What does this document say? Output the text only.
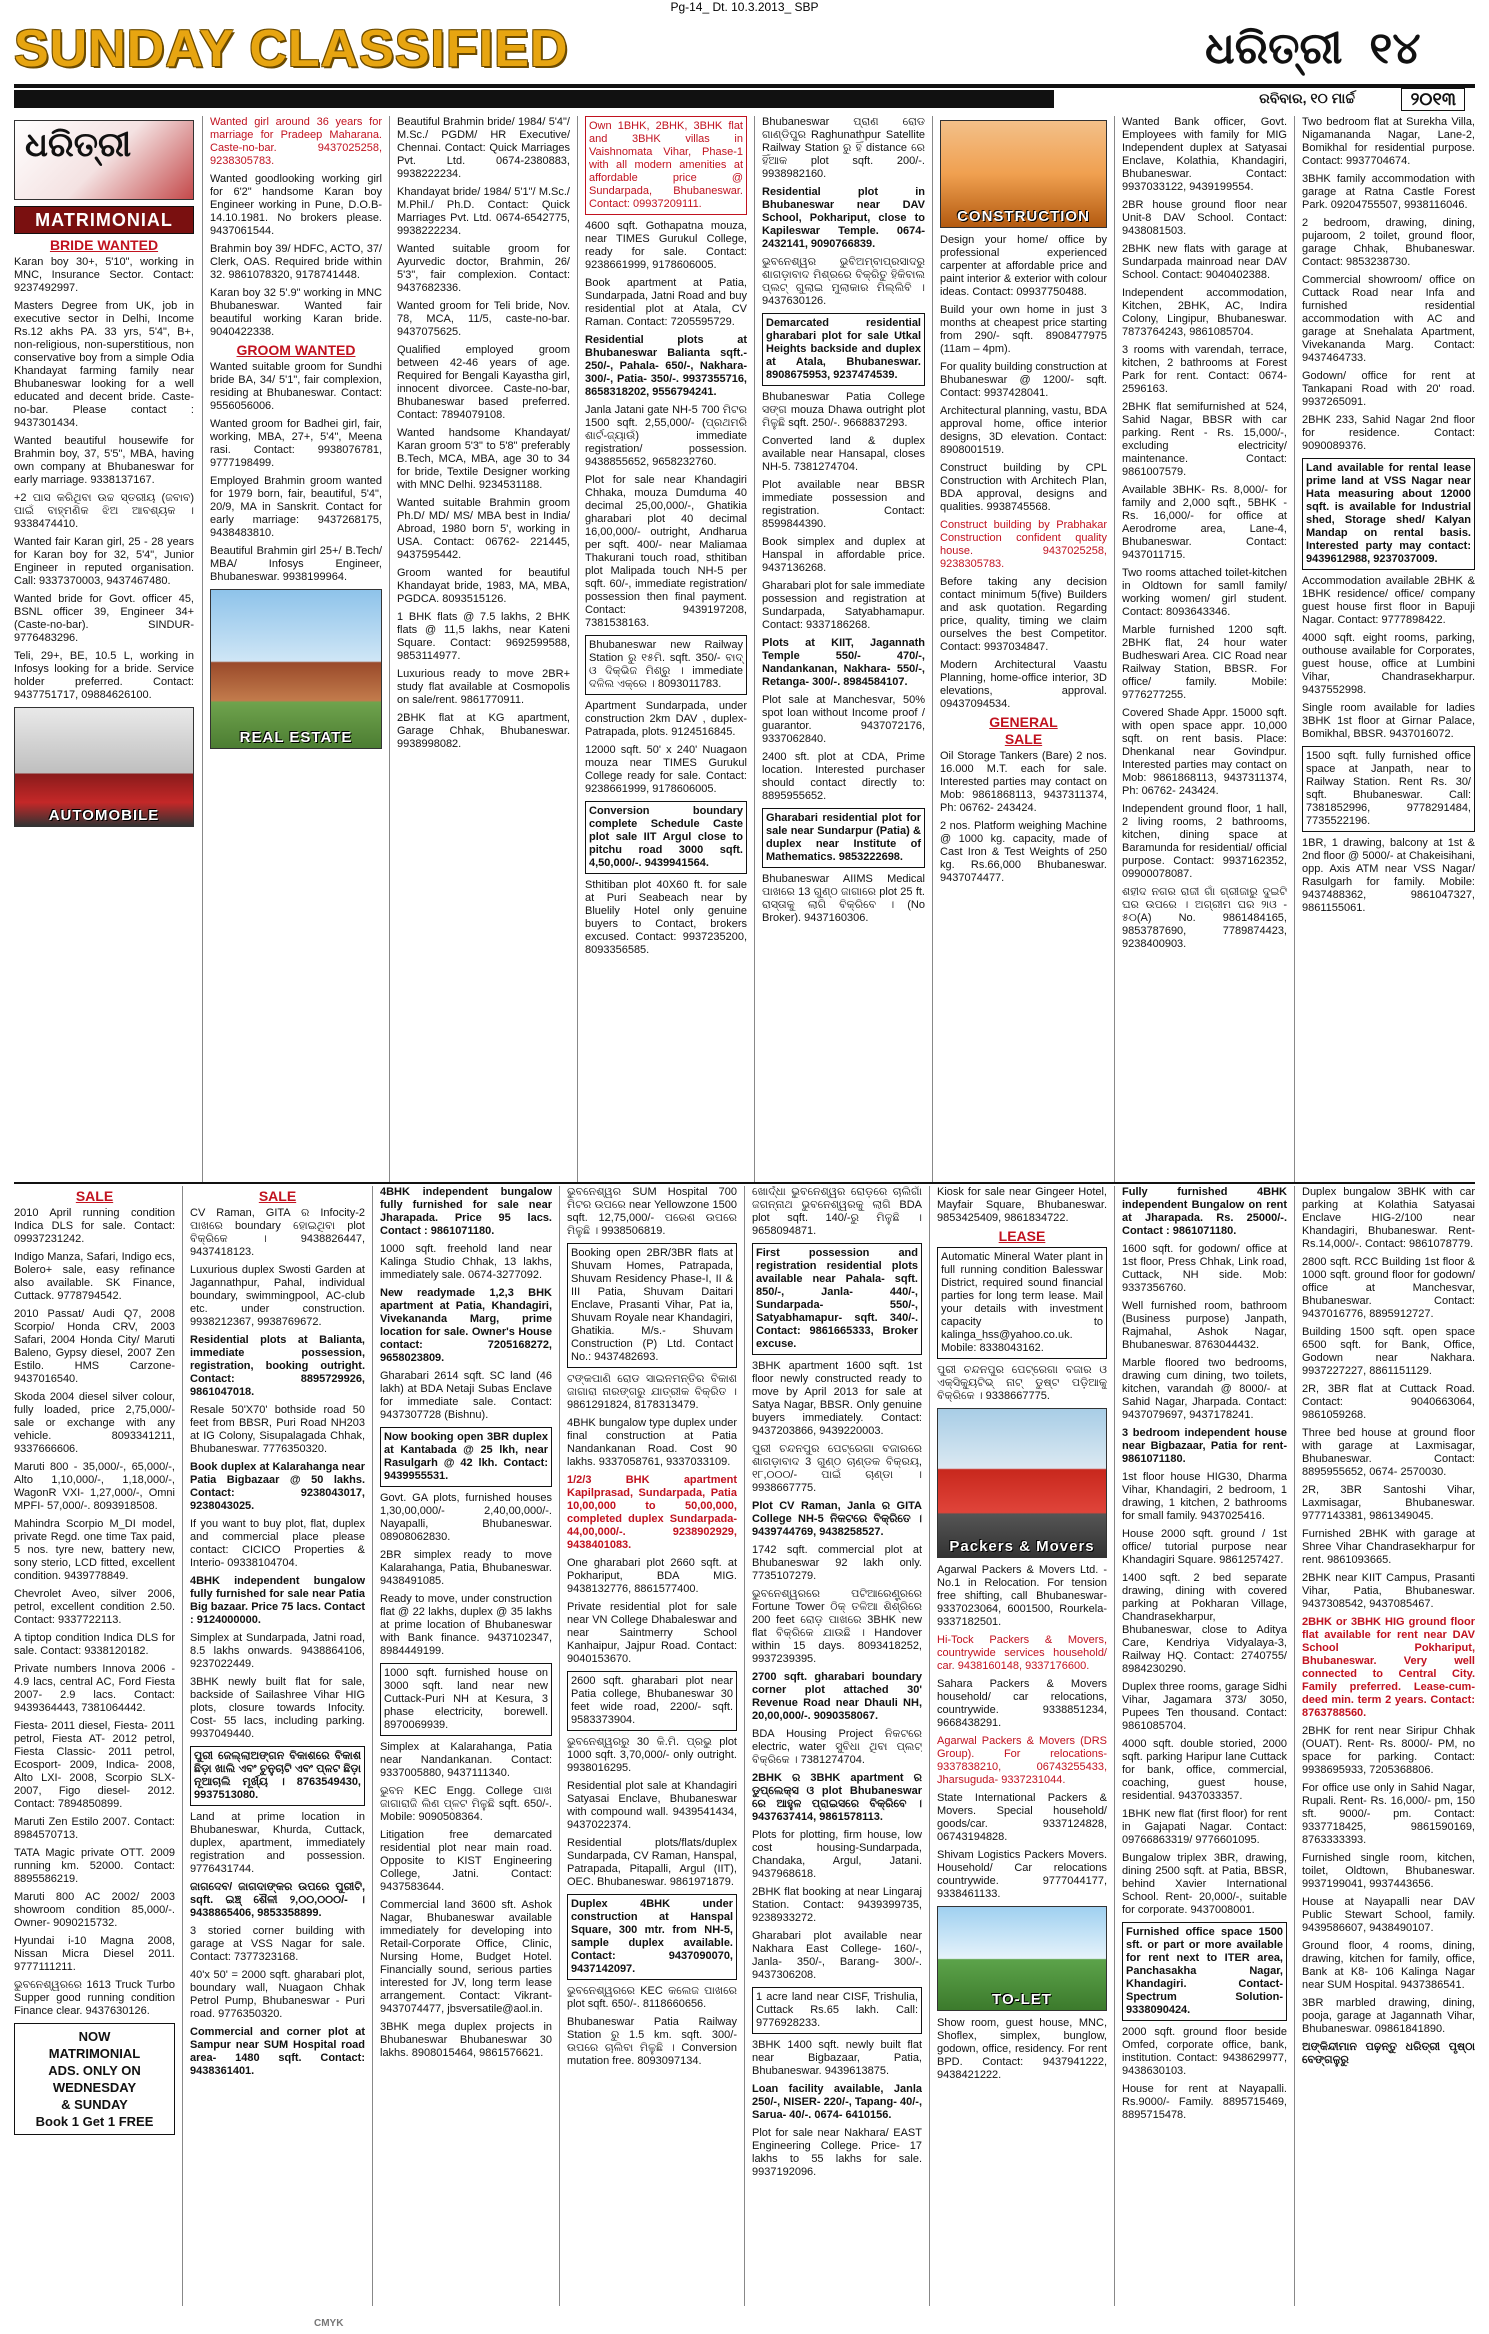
Pg-14_ Dt. 10.3.2013_ SBP
SUNDAY CLASSIFIED	ଧରିତ୍ରୀ ୧୪
ରବିବାର, ୧୦ ମାର୍ଚ୍ଚ	୨୦୧୩
ଧରିତ୍ରୀ
MATRIMONIAL
BRIDE WANTED

Karan boy 30+, 5'10", working in MNC, Insurance Sector. Contact: 9237492997.

Masters Degree from UK, job in executive sector in Delhi, Income Rs.12 akhs PA. 33 yrs, 5'4", B+, non-religious, non-superstitious, non conservative boy from a simple Odia Khandayat farming family near Bhubaneswar looking for a well educated and decent bride. Caste-no-bar. Please contact : 9437301434.

Wanted beautiful housewife for Brahmin boy, 37, 5'5", MBA, having own company at Bhubaneswar for early marriage. 9338137167.

+2 ପାସ କରିଥିବା ଉଚ୍ଚ ସ୍ତରୀୟ (ଜବାବ) ପାଇଁ ବାହ୍ମଣିକ ଝିଅ ଆବଶ୍ୟକ । 9338474410.

Wanted fair Karan girl, 25 - 28 years for Karan boy for 32, 5'4", Junior Engineer in reputed organisation. Call: 9337370003, 9437467480.

Wanted bride for Govt. officer 45, BSNL officer 39, Engineer 34+ (Caste-no-bar). SINDUR- 9776483296.

Teli, 29+, BE, 10.5 L, working in Infosys looking for a bride. Service holder preferred. Contact: 9437751717, 09884626100.

AUTOMOBILE

Wanted girl around 36 years for marriage for Pradeep Maharana. Caste-no-bar. 9437025258, 9238305783.

Wanted goodlooking working girl for 6'2" handsome Karan boy Engineer working in Pune, D.O.B- 14.10.1981. No brokers please. 9437061544.

Brahmin boy 39/ HDFC, ACTO, 37/ Clerk, OAS. Required bride within 32. 9861078320, 9178741448.

Karan boy 32 5'.9" working in MNC Bhubaneswar. Wanted fair beautiful working Karan bride. 9040422338.

GROOM WANTED

Wanted suitable groom for Sundhi bride BA, 34/ 5'1", fair complexion, residing at Bhubaneswar. Contact: 9556056006.

Wanted groom for Badhei girl, fair, working, MBA, 27+, 5'4", Meena rasi. Contact: 9938076781, 9777198499.

Employed Brahmin groom wanted for 1979 born, fair, beautiful, 5'4", 20/9, MA in Sanskrit. Contact for early marriage: 9437268175, 9438483810.

Beautiful Brahmin girl 25+/ B.Tech/ MBA/ Infosys Engineer, Bhubaneswar. 9938199964.

REAL ESTATE

Beautiful Brahmin bride/ 1984/ 5'4"/ M.Sc./ PGDM/ HR Executive/ Chennai. Contact: Quick Marriages Pvt. Ltd. 0674-2380883, 9938222234.

Khandayat bride/ 1984/ 5'1"/ M.Sc./ M.Phil./ Ph.D. Contact: Quick Marriages Pvt. Ltd. 0674-6542775, 9938222234.

Wanted suitable groom for Ayurvedic doctor, Brahmin, 26/ 5'3", fair complexion. Contact: 9437682336.

Wanted groom for Teli bride, Nov. 78, MCA, 11/5, caste-no-bar. 9437075625.

Qualified employed groom between 42-46 years of age. Required for Bengali Kayastha girl, innocent divorcee. Caste-no-bar, Bhubaneswar based preferred. Contact: 7894079108.

Wanted handsome Khandayat/ Karan groom 5'3" to 5'8" preferably B.Tech, MCA, MBA, age 30 to 34 for bride, Textile Designer working with MNC Delhi. 9234531188.

Wanted suitable Brahmin groom Ph.D/ MD/ MS/ MBA best in India/ Abroad, 1980 born 5', working in USA. Contact: 06762- 221445, 9437595442.

Groom wanted for beautiful Khandayat bride, 1983, MA, MBA, PGDCA. 8093515126.

1 BHK flats @ 7.5 lakhs, 2 BHK flats @ 11,5 lakhs, near Kateni Square. Contact: 9692599588, 9853114977.

Luxurious ready to move 2BR+ study flat available at Cosmopolis on sale/rent. 9861770911.

2BHK flat at KG apartment, Garage Chhak, Bhubaneswar. 9938998082.

Own 1BHK, 2BHK, 3BHK flat and 3BHK villas in Vaishnomata Vihar, Phase-1 with all modern amenities at affordable price @ Sundarpada, Bhubaneswar. Contact: 09937209111.

4600 sqft. Gothapatna mouza, near TIMES Gurukul College, ready for sale. Contact: 9238661999, 9178606005.

Book apartment at Patia, Sundarpada, Jatni Road and buy residential plot at Atala, CV Raman. Contact: 7205595729.

Residential plots at Bhubaneswar Balianta sqft.- 250/-, Pahala- 650/-, Nakhara- 300/-, Patia- 350/-. 9937355716, 8658318202, 9556794241.

Janla Jatani gate NH-5 700 ମିଟର 1500 sqft. 2,55,000/- (ପ୍ରଥମରି ଶାର୍ଟ-ଜ୍ୟାଉଁ) immediate registration/ possession. 9438855652, 9658232760.

Plot for sale near Khandagiri Chhaka, mouza Dumduma 40 decimal 25,00,000/-, Ghatikia gharabari plot 40 decimal 16,00,000/- outright, Andharua per sqft. 400/- near Maliamaa Thakurani touch road, sthitiban plot Malipada touch NH-5 per sqft. 60/-, immediate registration/ possession then final payment. Contact: 9439197208, 7381538163.

Bhubaneswar new Railway Station ରୁ ୧୫ମି. sqft. 350/- ବାଦ୍ ଓ ଦିକ୍ଭିଜ ମିଶ୍ରୁ । immediate ଦଳିଲ ଏକ୍ରେ । 8093011783.

Apartment Sundarpada, under construction 2km DAV , duplex-Patrapada, plots. 9124516845.

12000 sqft. 50' x 240' Nuagaon mouza near TIMES Gurukul College ready for sale. Contact: 9238661999, 9178606005.

Conversion boundary complete Schedule Caste plot sale IIT Argul close to pitchu road 3000 sqft. 4,50,000/-. 9439941564.

Sthitiban plot 40X60 ft. for sale at Puri Seabeach near by Bluelily Hotel only genuine buyers to Contact, brokers excused. Contact: 9937235200, 8093356585.

Bhubaneswar ପ୍ରାଣ ରୋଡ ଗାଣ୍ଡିପୁର Raghunathpur Satellite Railway Station ରୁ ହିଁ distance ରେ ହିଁଆକ plot sqft. 200/-. 9938982160.

Residential plot in Bhubaneswar near DAV School, Pokhariput, close to Kapileswar Temple. 0674-2432141, 9090766839.

ଭୁବନେଶ୍ୱର ଭୁବିଅମ୍ବାପ୍ରସାଦରୁ ଶାଗଡ଼ାବାଦ ମିଶ୍ରରେ ବିକ୍ରିତୁ ହିକିବାଲ ପ୍ଲଟ୍ ଗୁଲାଇ ମୁଲାକାର ମିଲ୍ଲିବି । 9437630126.

Demarcated residential gharabari plot for sale Utkal Heights backside and duplex at Atala, Bhubaneswar. 8908675953, 9237474539.

Bhubaneswar Patia College ସଙ୍ଗ mouza Dhawa outright plot ମିଳୁଛି sqft. 250/-. 9668837293.

Converted land & duplex available near Hansapal, closes NH-5. 7381274704.

Plot available near BBSR immediate possession and registration. Contact: 8599844390.

Book simplex and duplex at Hanspal in affordable price. 9437136268.

Gharabari plot for sale immediate possession and registration at Sundarpada, Satyabhamapur. Contact: 9337186268.

Plots at KIIT, Jagannath Temple 550/- 470/-, Nandankanan, Nakhara- 550/-, Retanga- 300/-. 8984584107.

Plot sale at Manchesvar, 50% spot loan without Income proof / guarantor. 9437072176, 9337062840.

2400 sft. plot at CDA, Prime location. Interested purchaser should contact directly to: 8895955652.

Gharabari residential plot for sale near Sundarpur (Patia) & duplex near Institute of Mathematics. 9853222698.

Bhubaneswar AIIMS Medical ପାଖରେ 13 ଗୁଣ୍ଠ ଜାଗାରେ plot 25 ft. ରାସ୍ତାକୁ ଲାଗି ବିକ୍ରିବେ । (No Broker). 9437160306.

CONSTRUCTION

Design your home/ office by professional experienced carpenter at affordable price and paint interior & exterior with colour ideas. Contact: 09937750488.

Build your own home in just 3 months at cheapest price starting from 290/- sqft. 8908477975 (11am – 4pm).

For quality building construction at Bhubaneswar @ 1200/- sqft. Contact: 9937428041.

Architectural planning, vastu, BDA approval home, office interior designs, 3D elevation. Contact: 8908001519.

Construct building by CPL Construction with Architech Plan, BDA approval, designs and qualities. 9938745568.

Construct building by Prabhakar Construction confident quality house. 9437025258, 9238305783.

Before taking any decision contact minimum 5(five) Builders and ask quotation. Regarding price, quality, timing we claim ourselves the best Competitor. Contact: 9937034847.

Modern Architectural Vaastu Planning, home-office interior, 3D elevations, approval. 09437094534.

GENERAL
SALE

Oil Storage Tankers (Bare) 2 nos. 16.000 M.T. each for sale. Interested parties may contact on Mob: 9861868113, 9437311374, Ph: 06762- 243424.

2 nos. Platform weighing Machine @ 1000 kg. capacity, made of Cast Iron & Test Weights of 250 kg. Rs.66,000 Bhubaneswar. 9437074477.

Wanted Bank officer, Govt. Employees with family for MIG Independent duplex at Satyasai Enclave, Kolathia, Khandagiri, Bhubaneswar. Contact: 9937033122, 9439199554.

2BR house ground floor near Unit-8 DAV School. Contact: 9438081503.

2BHK new flats with garage at Sundarpada mainroad near DAV School. Contact: 9040402388.

Independent accommodation, Kitchen, 2BHK, AC, Indira Colony, Lingipur, Bhubaneswar. 7873764243, 9861085704.

3 rooms with varendah, terrace, kitchen, 2 bathrooms at Forest Park for rent. Contact: 0674-2596163.

2BHK flat semifurnished at 524, Sahid Nagar, BBSR with car parking. Rent - Rs. 15,000/-, excluding electricity/ maintenance. Contact: 9861007579.

Available 3BHK- Rs. 8,000/- for family and 2,000 sqft., 5BHK - Rs. 16,000/- for office at Aerodrome area, Lane-4, Bhubaneswar. Contact: 9437011715.

Two rooms attached toilet-kitchen in Oldtown for samll family/ working women/ girl student. Contact: 8093643346.

Marble furnished 1200 sqft. 2BHK flat, 24 hour water Budheswari Area. CIC Road near Railway Station, BBSR. For office/ family. Mobile: 9776277255.

Covered Shade Appr. 15000 sqft. with open space appr. 10,000 sqft. on rent basis. Place: Dhenkanal near Govindpur. Interested parties may contact on Mob: 9861868113, 9437311374, Ph: 06762- 243424.

Independent ground floor, 1 hall, 2 living rooms, 2 bathrooms, kitchen, dining space at Baramunda for residential/ official purpose. Contact: 9937162352, 09900078087.

ଶହୀଦ ନଗର ରାଜୀ ଗାଁ ଗ୍ରୀଜାରୁ ଦୁଇଟି ଘର ଉପରେ । ଅଗ୍ରୀମ ଘର ୨ାଓ - ୫୦(A) No. 9861484165, 9853787690, 7789874423, 9238400903.

Two bedroom flat at Surekha Villa, Nigamananda Nagar, Lane-2, Bomikhal for residential purpose. Contact: 9937704674.

3BHK family accommodation with garage at Ratna Castle Forest Park. 09204755507, 9938116046.

2 bedroom, drawing, dining, pujaroom, 2 toilet, ground floor, garage Chhak, Bhubaneswar. Contact: 9853238730.

Commercial showroom/ office on Cuttack Road near Infa and furnished residential accommodation with AC and garage at Snehalata Apartment, Vivekananda Marg. Contact: 9437464733.

Godown/ office for rent at Tankapani Road with 20' road. 9937265091.

2BHK 233, Sahid Nagar 2nd floor for residence. Contact: 9090089376.

Land available for rental lease prime land at VSS Nagar near Hata measuring about 12000 sqft. is available for Industrial shed, Storage shed/ Kalyan Mandap on rental basis. Interested party may contact: 9439612988, 9237037009.

Accommodation available 2BHK & 1BHK residence/ office/ company guest house first floor in Bapuji Nagar. Contact: 9777898422.

4000 sqft. eight rooms, parking, outhouse available for Corporates, guest house, office at Lumbini Vihar, Chandrasekharpur. 9437552998.

Single room available for ladies 3BHK 1st floor at Girnar Palace, Bomikhal, BBSR. 9437016072.

1500 sqft. fully furnished office space at Janpath, near to Railway Station. Rent Rs. 30/ sqft. Bhubaneswar. Call: 7381852996, 9778291484, 7735522196.

1BR, 1 drawing, balcony at 1st & 2nd floor @ 5000/- at Chakeisihani, opp. Axis ATM near VSS Nagar/ Rasulgarh for family. Mobile: 9437488362, 9861047327, 9861155061.

SALE

2010 April running condition Indica DLS for sale. Contact: 09937231242.

Indigo Manza, Safari, Indigo ecs, Bolero+ sale, easy refinance also available. SK Finance, Cuttack. 9778794542.

2010 Passat/ Audi Q7, 2008 Scorpio/ Honda CRV, 2003 Safari, 2004 Honda City/ Maruti Baleno, Gypsy diesel, 2007 Zen Estilo. HMS Carzone- 9437016540.

Skoda 2004 diesel silver colour, fully loaded, price 2,75,000/- sale or exchange with any vehicle. 8093341211, 9337666606.

Maruti 800 - 35,000/-, 65,000/-, Alto 1,10,000/-, 1,18,000/-, WagonR VXI- 1,27,000/-, Omni MPFI- 57,000/-. 8093918508.

Mahindra Scorpio M_DI model, private Regd. one time Tax paid, 5 nos. tyre new, battery new, sony sterio, LCD fitted, excellent condition. 9439778849.

Chevrolet Aveo, silver 2006, petrol, excellent condition 2.50. Contact: 9337722113.

A tiptop condition Indica DLS for sale. Contact: 9338120182.

Private numbers Innova 2006 - 4.9 lacs, central AC, Ford Fiesta 2007- 2.9 lacs. Contact: 9439364443, 7381064442.

Fiesta- 2011 diesel, Fiesta- 2011 petrol, Fiesta AT- 2012 petrol, Fiesta Classic- 2011 petrol, Ecosport- 2009, Indica- 2008, Alto LXI- 2008, Scorpio SLX- 2007, Figo diesel- 2012. Contact: 7894850899.

Maruti Zen Estilo 2007. Contact: 8984570713.

TATA Magic private OTT. 2009 running km. 52000. Contact: 8895586219.

Maruti 800 AC 2002/ 2003 showroom condition 85,000/-. Owner- 9090215732.

Hyundai i-10 Magna 2008, Nissan Micra Diesel 2011. 9777111211.

ଭୁବନେଶ୍ୱରରେ 1613 Truck Turbo Supper good running condition Finance clear. 9437630126.

NOW
MATRIMONIAL
ADS. ONLY ON
WEDNESDAY
& SUNDAY
Book 1 Get 1 FREE
SALE

CV Raman, GITA ର Infocity-2 ପାଖରେ boundary ହୋଇଥିବା plot ବିକ୍ରିକେ । 9438826447, 9437418123.

Luxurious duplex Swosti Garden at Jagannathpur, Pahal, individual boundary, swimmingpool, AC-club etc. under construction. 9938212367, 9938769672.

Residential plots at Balianta, immediate possession, registration, booking outright. Contact: 8895729926, 9861047018.

Resale 50'X70' bothside road 50 feet from BBSR, Puri Road NH203 at IG Colony, Sisupalagada Chhak, Bhubaneswar. 7776350320.

Book duplex at Kalarahanga near Patia Bigbazaar @ 50 lakhs. Contact: 9238043017, 9238043025.

If you want to buy plot, flat, duplex and commercial place please contact: CICICO Properties & Interio- 09338104704.

4BHK independent bungalow fully furnished for sale near Patia Big bazaar. Price 75 lacs. Contact : 9124000000.

Simplex at Sundarpada, Jatni road, 8.5 lakhs onwards. 9438864106, 9237022449.

3BHK newly built flat for sale, backside of Sailashree Vihar HIG plots, closure towards Infocity. Cost- 55 lacs, including parking. 9937049440.

ପୁରୀ ଜେଲ୍ଲାଅଙ୍ଗନ ବିକାଶରେ ବିକାଶ ଛିଡ଼ା ଖାଲି ଏବଂ ଚୁନୁଚାଟି ଏବଂ ପ୍ଳଟ ଛିଡ଼ା ନୂଆଚାଲି ମୂର୍ଖ୍ୟ । 8763549430, 9937513080.

Land at prime location in Bhubaneswar, Khurda, Cuttack, duplex, apartment, immediately registration and possession. 9776431744.

ଜାଗଦେବ/ ଜାଗଦାଙ୍କର ଉପରେ ପୁରୀଟି, sqft. ଇଞ୍ଚ୍ ଶୈଳୀ ୨,୦୦,୦୦୦/- । 9438865406, 9853358899.

3 storied corner building with garage at VSS Nagar for sale. Contact: 7377323168.

40'x 50' = 2000 sqft. gharabari plot, boundary wall, Nuagaon Chhak Petrol Pump, Bhubaneswar - Puri road. 9776350320.

Commercial and corner plot at Sampur near SUM Hospital road area- 1480 sqft. Contact: 9438361401.

4BHK independent bungalow fully furnished for sale near Jharapada. Price 95 lacs. Contact : 9861071180.

1000 sqft. freehold land near Kalinga Studio Chhak, 13 lakhs, immediately sale. 0674-3277092.

New readymade 1,2,3 BHK apartment at Patia, Khandagiri, Vivekananda Marg, prime location for sale. Owner's House contact: 7205168272, 9658023809.

Gharabari 2614 sqft. SC land (46 lakh) at BDA Netaji Subas Enclave for immediate sale. Contact: 9437307728 (Bishnu).

Now booking open 3BR duplex at Kantabada @ 25 lkh, near Rasulgarh @ 42 lkh. Contact: 9439955531.

Govt. GA plots, furnished houses 1,30,00,000/- 2,40,00,000/-. Nayapalli, Bhubaneswar. 08908062830.

2BR simplex ready to move Kalarahanga, Patia, Bhubaneswar. 9438491085.

Ready to move, under construction flat @ 22 lakhs, duplex @ 35 lakhs at prime location of Bhubaneswar with Bank finance. 9437102347, 8984449199.

1000 sqft. furnished house on 3000 sqft. land near new Cuttack-Puri NH at Kesura, 3 phase electricity, borewell. 8970069939.

Simplex at Kalarahanga, Patia near Nandankanan. Contact: 9337005880, 9437111340.

ଭୁବନ KEC Engg. College ପାଖ ଜାଗାରାଜି ଲିଣ ପ୍ଳଟ ମିଳୁଛି sqft. 650/-. Mobile: 9090508364.

Litigation free demarcated residential plot near main road. Opposite to KIST Engineering College, Jatni. Contact: 9437583644.

Commercial land 3600 sft. Ashok Nagar, Bhubaneswar available immediately for developing into Retail-Corporate Office, Clinic, Nursing Home, Budget Hotel. Financially sound, serious parties interested for JV, long term lease arrangement. Contact: Vikrant- 9437074477, jbsversatile@aol.in.

3BHK mega duplex projects in Bhubaneswar Bhubaneswar 30 lakhs. 8908015464, 9861576621.

ଭୁବନେଶ୍ୱର SUM Hospital 700 ମିଟର ଉପରେ near Yellowzone 1500 sqft. 12,75,000/- ପରେଶ ଉପରେ ମିଳୁଛି । 9938506819.

Booking open 2BR/3BR flats at Shuvam Homes, Patrapada, Shuvam Residency Phase-I, II & III Patia, Shuvam Daitari Enclave, Prasanti Vihar, Pat ia, Shuvam Royale near Khandagiri, Ghatikia. M/s.- Shuvam Construction (P) Ltd. Contact No.: 9437482693.

ଟଙ୍କପାଣି ରୋଡ ସାଇନମନ୍ତିର ବିକାଶ ଜାଗାରା ନାରଙ୍ଗରୁ ଯାତ୍ରୀକ ବିକ୍ରିତ । 9861291824, 8178313479.

4BHK bungalow type duplex under final construction at Patia Nandankanan Road. Cost 90 lakhs. 9337058761, 9337033109.

1/2/3 BHK apartment Kapilprasad, Sundarpada, Patia 10,00,000 to 50,00,000, completed duplex Sundarpada- 44,00,000/-. 9238902929, 9438401083.

One gharabari plot 2660 sqft. at Pokhariput, BDA MIG. 9438132776, 8861577400.

Private residential plot for sale near VN College Dhabaleswar and near Saintmerry School Kanhaipur, Jajpur Road. Contact: 9040153670.

2600 sqft. gharabari plot near Patia college, Bhubaneswar 30 feet wide road, 2200/- sqft. 9583373904.

ଭୁବନେଶ୍ୱରରୁ 30 କି.ମି. ପ୍ରଭୁ plot 1000 sqft. 3,70,000/- only outright. 9938016295.

Residential plot sale at Khandagiri Satyasai Enclave, Bhubaneswar with compound wall. 9439541434, 9437022374.

Residential plots/flats/duplex Sundarpada, CV Raman, Hanspal, Patrapada, Pitapalli, Argul (IIT), OEC. Bhubaneswar. 9861971879.

Duplex 4BHK under construction at Hanspal Square, 300 mtr. from NH-5, sample duplex available. Contact: 9437090070, 9437142097.

ଭୁବନେଶ୍ୱରରେ KEC କଲେଜ ପାଖରେ plot sqft. 650/-. 8118660656.

Bhubaneswar Patia Railway Station ରୁ 1.5 km. sqft. 300/- ଉପରେ ଚାଲିବା ମିଳୁଛି । Conversion mutation free. 8093097134.

ଖୋର୍ଦ୍ଧା ଭୁବନେଶ୍ୱର ରୋଡ଼ରେ ଚାଲିଗାଁ ଜଗନ୍ନାଥ ଭୁବନେଶ୍ୱରକୁ ଲାଗି BDA plot sqft. 140/-ରୁ ମିଳୁଛି । 9658094871.

First possession and registration residential plots available near Pahala- sqft. 850/-, Janla- 440/-, Sundarpada- 550/-, Satyabhamapur- sqft. 340/-. Contact: 9861665333, Broker excuse.

3BHK apartment 1600 sqft. 1st floor newly constructed ready to move by April 2013 for sale at Satya Nagar, BBSR. Only genuine buyers immediately. Contact: 9437203866, 9439220003.

ପୁରୀ ଚନ୍ଦନପୁର ପେଟ୍ରେଗା ବଜାରରେ ଶାଗଡ଼ାବାଦ 3 ଗୁଣ୍ଠ ଚାଣ୍ଡକ ବିକ୍ରୟ, ୧୮,୦୦୦/- ପାଇଁ ଚାଣ୍ଡା । 9938667775.

Plot CV Raman, Janla ର GITA College NH-5 ନିକଟରେ ବିକ୍ରିତେ । 9439744769, 9438258527.

1742 sqft. commercial plot at Bhubaneswar 92 lakh only. 7735107279.

ଭୁବନେଶ୍ୱରରେ ପଟିଆରେଣ୍ଟ୍ରରେ Fortune Tower ଠିକ୍ ତଳିଆ ଶିଶ୍ରିରେ 200 feet ରୋଡ଼ ପାଖରେ 3BHK new flat ବିକ୍ରିକେ ଯାଉଛି । Handover within 15 days. 8093418252, 9937239395.

2700 sqft. gharabari boundary corner plot attached 30' Revenue Road near Dhauli NH, 20,00,000/-. 9090358067.

BDA Housing Project ନିକଟରେ electric, water ସୁବିଧା ଥିବା ପ୍ଲଟ୍ ବିକ୍ରିକେ । 7381274704.

2BHK ର 3BHK apartment ର ଡୁପ୍ଲେକ୍ସ ଓ plot Bhubaneswar ରେ ଆହୁଳ ପ୍ରାଇସରେ ବିକ୍ରିବେ । 9437637414, 9861578113.

Plots for plotting, firm house, low cost housing-Sundarpada, Chandaka, Argul, Jatani. 9437968618.

2BHK flat booking at near Lingaraj Station. Contact: 9439399735, 9238933272.

Gharabari plot available near Nakhara East College- 160/-, Janla- 350/-, Barang- 300/-. 9437306208.

1 acre land near CISF, Trishulia, Cuttack Rs.65 lakh. Call: 9776928233.

3BHK 1400 sqft. newly built flat near Bigbazaar, Patia, Bhubaneswar. 9439613875.

Loan facility available, Janla 250/-, NISER- 220/-, Tapang- 40/-, Sarua- 40/-. 0674- 6410156.

Plot for sale near Nakhara/ EAST Engineering College. Price- 17 lakhs to 55 lakhs for sale. 9937192096.

Kiosk for sale near Gingeer Hotel, Mayfair Square, Bhubaneswar. 9853425409, 9861834722.

LEASE

Automatic Mineral Water plant in full running condition Balesswar District, required sound financial parties for long term lease. Mail your details with investment capacity to kalinga_hss@yahoo.co.uk. Mobile: 8338043162.

ପୁରୀ ଚନ୍ଦନପୁର ପେଟ୍ରେଗା ବଜାର ଓ ଏକ୍ସିକ୍ୟୁଟିଭ୍ ନାଟ୍ ଡୁଷ୍ଟ ପଡ଼ିଆକୁ ବିକ୍ରିକେ । 9338667775.

Packers & Movers

Agarwal Packers & Movers Ltd. - No.1 in Relocation. For tension free shifting, call Bhubaneswar- 9337023064, 6001500, Rourkela- 9337182501.

Hi-Tock Packers & Movers, countrywide services household/ car. 9438160148, 9337176600.

Sahara Packers & Movers household/ car relocations, countrywide. 9338851234, 9668438291.

Agarwal Packers & Movers (DRS Group). For relocations- 9337838210, 06743255433, Jharsuguda- 9337231044.

State International Packers & Movers. Special household/ goods/car. 9337124828, 06743194828.

Shivam Logistics Packers Movers. Household/ Car relocations countrywide. 9777044177, 9338461133.

TO-LET

Show room, guest house, MNC, Shoflex, simplex, bunglow, godown, office, residency. For rent BPD. Contact: 9437941222, 9438421222.

Fully furnished 4BHK independent Bungalow on rent at Jharapada. Rs. 25000/-. Contact : 9861071180.

1600 sqft. for godown/ office at 1st floor, Press Chhak, Link road, Cuttack, NH side. Mob: 9337356760.

Well furnished room, bathroom (Business purpose) Janpath, Rajmahal, Ashok Nagar, Bhubaneswar. 8763044432.

Marble floored two bedrooms, drawing cum dining, two toilets, kitchen, varandah @ 8000/- at Sahid Nagar, Jharpada. Contact: 9437079697, 9437178241.

3 bedroom independent house near Bigbazaar, Patia for rent- 9861071180.

1st floor house HIG30, Dharma Vihar, Khandagiri, 2 bedroom, 1 drawing, 1 kitchen, 2 bathrooms for small family. 9437025416.

House 2000 sqft. ground / 1st office/ tutorial purpose near Khandagiri Square. 9861257427.

1400 sqft. 2 bed separate drawing, dining with covered parking at Pokharan Village, Chandrasekharpur, Bhubaneswar, close to Aditya Care, Kendriya Vidyalaya-3, Railway HQ. Contact: 2740755/ 8984230290.

Duplex three rooms, garage Sidhi Vihar, Jagamara 373/ 3050, Pupees Ten thousand. Contact: 9861085704.

4000 sqft. double storied, 2000 sqft. parking Haripur lane Cuttack for bank, office, commercial, coaching, guest house, residential. 9437033357.

1BHK new flat (first floor) for rent in Gajapati Nagar. Contact: 09766863319/ 9776601095.

Bungalow triplex 3BR, drawing, dining 2500 sqft. at Patia, BBSR, behind Xavier International School. Rent- 20,000/-, suitable for corporate. 9437008001.

Furnished office space 1500 sft. or part or more available for rent next to ITER area, Panchasakha Nagar, Khandagiri. Contact- Spectrum Solution- 9338090424.

2000 sqft. ground floor beside Omfed, corporate office, bank, institution. Contact: 9438629977, 9438630103.

House for rent at Nayapalli. Rs.9000/- Family. 8895715469, 8895715478.

Duplex bungalow 3BHK with car parking at Kolathia Satyasai Enclave HIG-2/100 near Khandagiri, Bhubaneswar. Rent- Rs.14,000/-. Contact: 9861078779.

2800 sqft. RCC Building 1st floor & 1000 sqft. ground floor for godown/ office at Manchesvar, Bhubaneswar. Contact: 9437016776, 8895912727.

Building 1500 sqft. open space 6500 sqft. for Bank, Office, Godown near Nakhara. 9937227227, 8861151129.

2R, 3BR flat at Cuttack Road. Contact: 9040663064, 9861059268.

Three bed house at ground floor with garage at Laxmisagar, Bhubaneswar. Contact: 8895955652, 0674- 2570030.

2R, 3BR Santoshi Vihar, Laxmisagar, Bhubaneswar. 9777143381, 9861349045.

Furnished 2BHK with garage at Shree Vihar Chandrasekharpur for rent. 9861093665.

2BHK near KIIT Campus, Prasanti Vihar, Patia, Bhubaneswar. 9437308542, 9437085467.

2BHK or 3BHK HIG ground floor flat available for rent near DAV School Pokhariput, Bhubaneswar. Very well connected to Central City. Family preferred. Lease-cum-deed min. term 2 years. Contact: 8763788560.

2BHK for rent near Siripur Chhak (OUAT). Rent- Rs. 8000/- PM, no space for parking. Contact: 9938695933, 7205368806.

For office use only in Sahid Nagar, Rupali. Rent- Rs. 16,000/- pm, 150 sft. 9000/- pm. Contact: 9337718425, 9861590169, 8763333393.

Furnished single room, kitchen, toilet, Oldtown, Bhubaneswar. 9937199041, 9937443656.

House at Nayapalli near DAV Public Stewart School, family. 9439586607, 9438490107.

Ground floor, 4 rooms, dining, drawing, kitchen for family, office, Bank at K8- 106 Kalinga Nagar near SUM Hospital. 9437386541.

3BR marbled drawing, dining, pooja, garage at Jagannath Vihar, Bhubaneswar. 09861841890.

ଅଙ୍କିନ୍ଦୀମାନ ପଢ଼ନ୍ତୁ ଧରିତ୍ରୀ ପୃଷ୍ଠା ବେଙ୍ଗଳୁରୁ

CMYK
